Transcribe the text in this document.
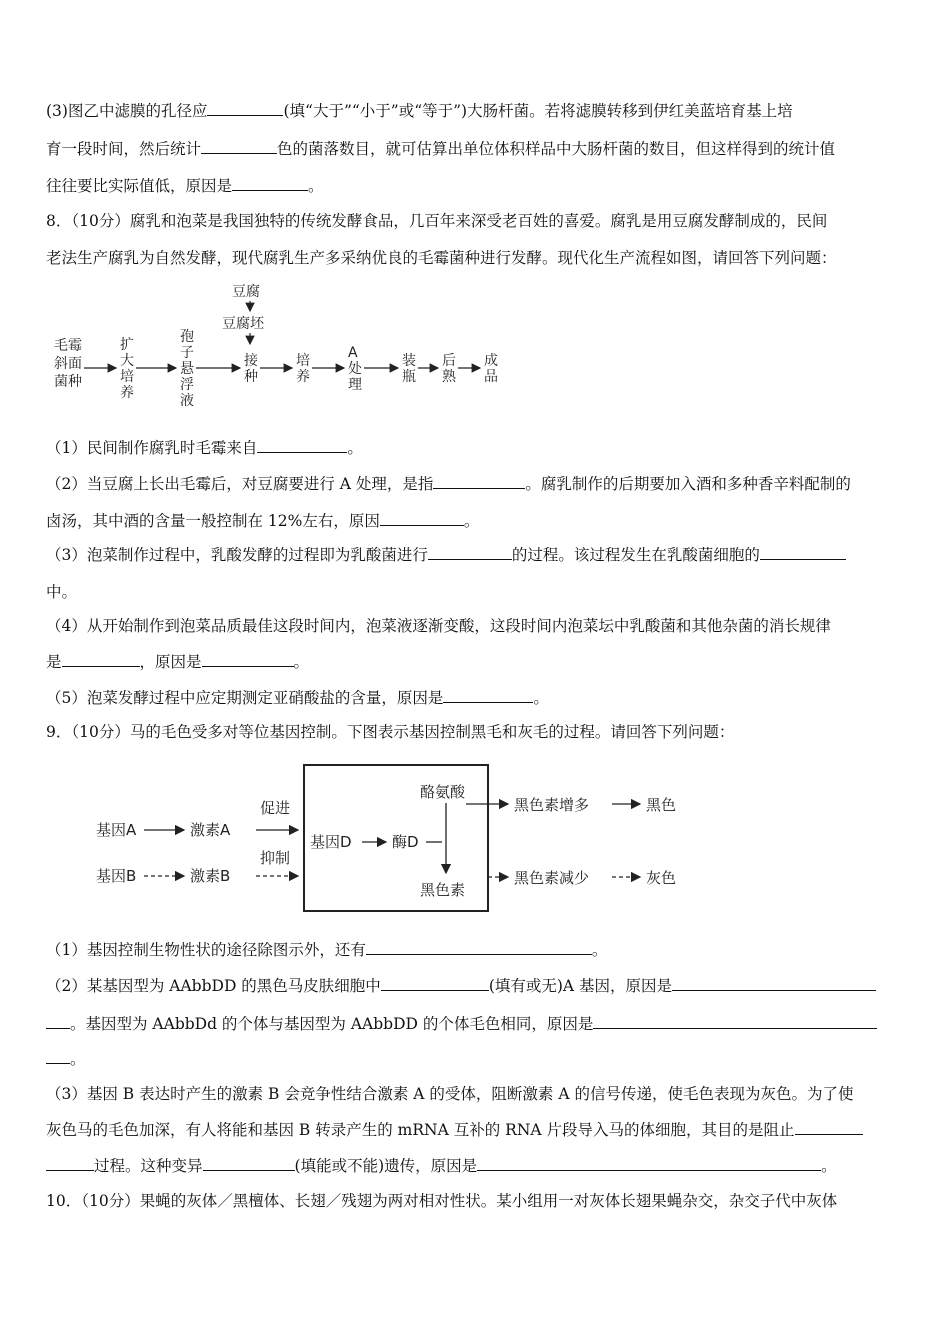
(3)图乙中滤膜的孔径应	(填“大于”“小于”或“等于”)大肠杆菌。若将滤膜转移到伊红美蓝培育基上培
育一段时间，然后统计	色的菌落数目，就可估算出单位体积样品中大肠杆菌的数目，但这样得到的统计值
往往要比实际值低，原因是	。
8．（10分）腐乳和泡菜是我国独特的传统发酵食品，几百年来深受老百姓的喜爱。腐乳是用豆腐发酵制成的，民间
老法生产腐乳为自然发酵，现代腐乳生产多采纳优良的毛霉菌种进行发酵。现代化生产流程如图，请回答下列问题：
豆腐
豆腐坯
毛霉
斜面
菌种
扩
大
培
养
孢
子
悬
浮
液
接
种
培
养
A
处
理
装
瓶
后
熟
成
品
（1）民间制作腐乳时毛霉来自	。
（2）当豆腐上长出毛霉后，对豆腐要进行 A 处理，是指	。腐乳制作的后期要加入酒和多种香辛料配制的
卤汤，其中酒的含量一般控制在 12%左右，原因	。
（3）泡菜制作过程中，乳酸发酵的过程即为乳酸菌进行	的过程。该过程发生在乳酸菌细胞的
中。
（4）从开始制作到泡菜品质最佳这段时间内，泡菜液逐渐变酸，这段时间内泡菜坛中乳酸菌和其他杂菌的消长规律
是	，原因是	。
（5）泡菜发酵过程中应定期测定亚硝酸盐的含量，原因是	。
9．（10分）马的毛色受多对等位基因控制。下图表示基因控制黑毛和灰毛的过程。请回答下列问题：
基因A	激素A
促进
基因B	激素B
抑制
基因D	酶D
酪氨酸
黑色素
黑色素增多	黑色
黑色素减少	灰色
（1）基因控制生物性状的途径除图示外，还有	。
（2）某基因型为 AAbbDD 的黑色马皮肤细胞中	(填有或无)A 基因，原因是
。基因型为 AAbbDd 的个体与基因型为 AAbbDD 的个体毛色相同，原因是
。
（3）基因 B 表达时产生的激素 B 会竞争性结合激素 A 的受体，阻断激素 A 的信号传递，使毛色表现为灰色。为了使
灰色马的毛色加深，有人将能和基因 B 转录产生的 mRNA 互补的 RNA 片段导入马的体细胞，其目的是阻止
过程。这种变异	(填能或不能)遗传，原因是	。
10．（10分）果蝇的灰体／黑檀体、长翅／残翅为两对相对性状。某小组用一对灰体长翅果蝇杂交，杂交子代中灰体
